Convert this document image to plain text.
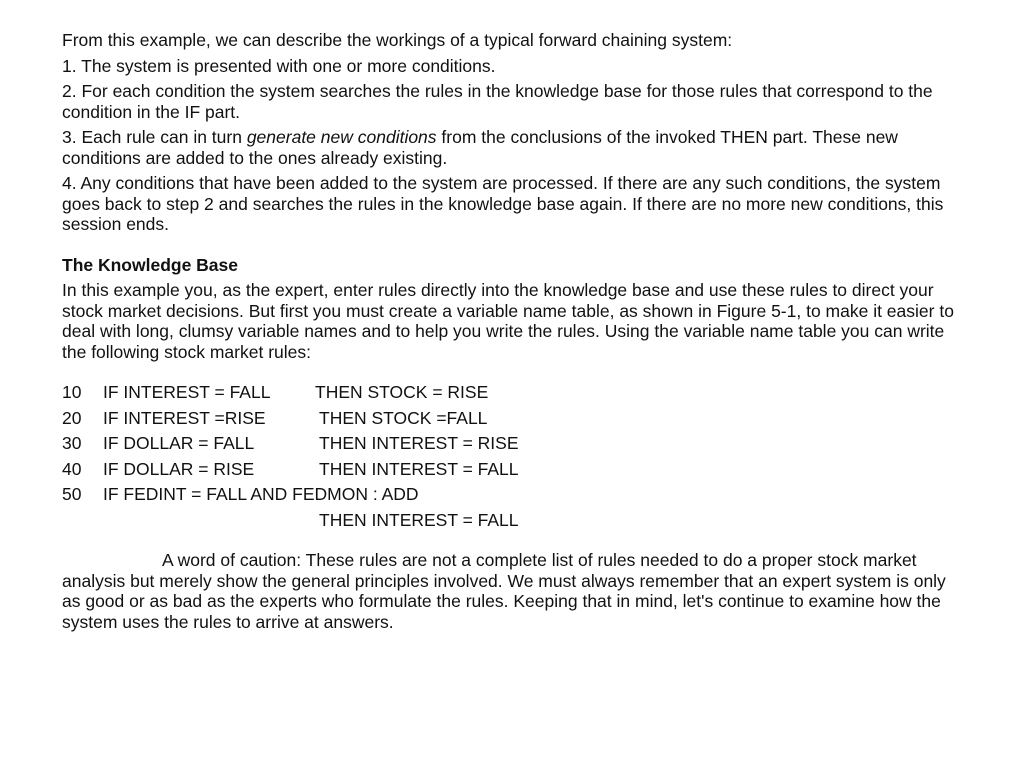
From this example, we can describe the workings of a typical forward chaining system:

1. The system is presented with one or more conditions.

2. For each condition the system searches the rules in the knowledge base for those rules that correspond to the condition in the IF part.

3. Each rule can in turn generate new conditions from the conclusions of the invoked THEN part. These new conditions are added to the ones already existing.

4. Any conditions that have been added to the system are processed. If there are any such conditions, the system goes back to step 2 and searches the rules in the knowledge base again. If there are no more new conditions, this session ends.

The Knowledge Base

In this example you, as the expert, enter rules directly into the knowledge base and use these rules to direct your stock market decisions. But first you must create a variable name table, as shown in Figure 5-1, to make it easier to deal with long, clumsy variable names and to help you write the rules. Using the variable name table you can write the following stock market rules:

10 IF INTEREST = FALL	THEN STOCK = RISE
20 IF INTEREST =RISE	THEN STOCK =FALL
30 IF DOLLAR = FALL	THEN INTEREST = RISE
40 IF DOLLAR = RISE	THEN INTEREST = FALL
50 IF FEDINT = FALL AND FEDMON : ADD
THEN INTEREST = FALL

A word of caution: These rules are not a complete list of rules needed to do a proper stock market analysis but merely show the general principles involved. We must always remember that an expert system is only as good or as bad as the experts who formulate the rules. Keeping that in mind, let's continue to examine how the system uses the rules to arrive at answers.
